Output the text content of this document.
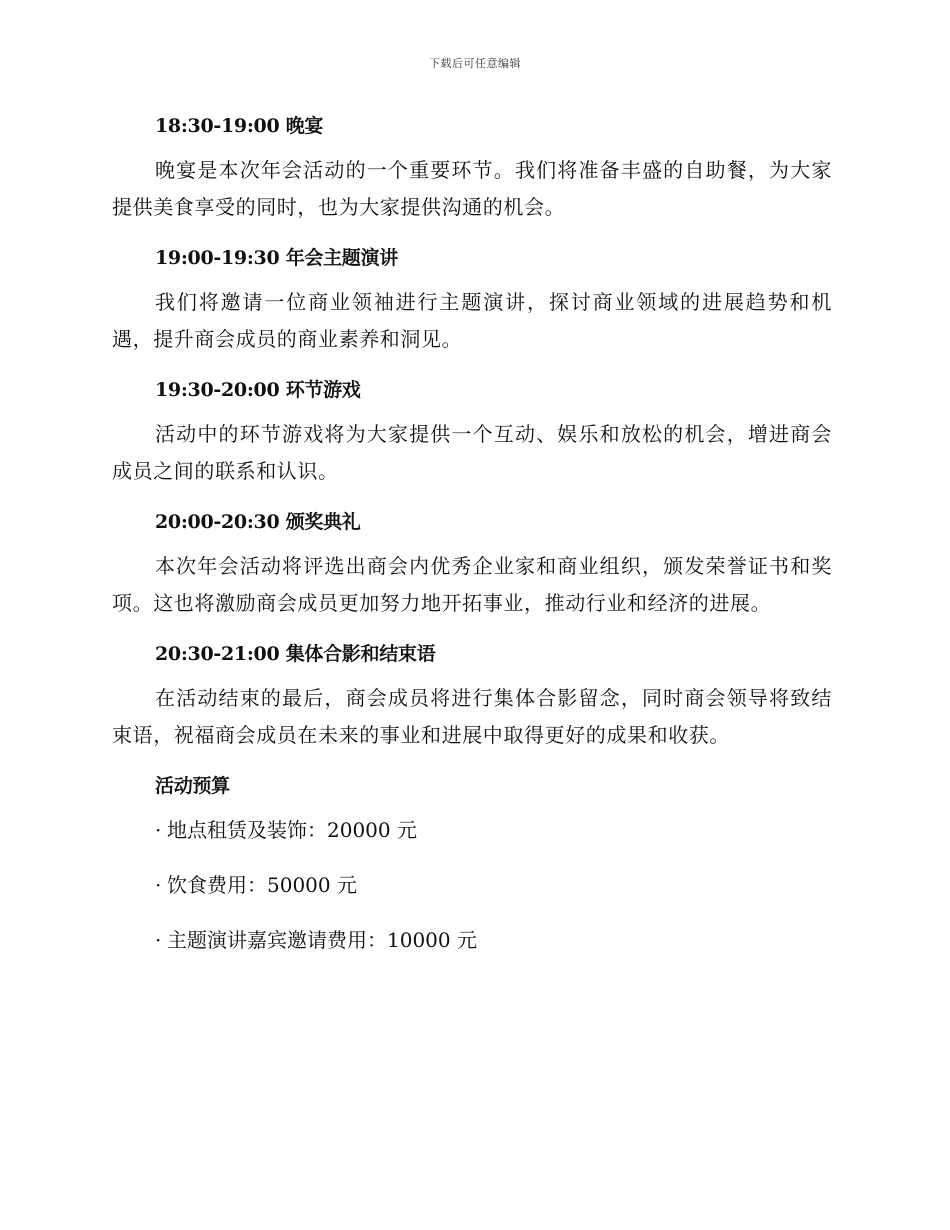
下载后可任意编辑
18:30-19:00 晚宴

晚宴是本次年会活动的一个重要环节。我们将准备丰盛的自助餐，为大家提供美食享受的同时，也为大家提供沟通的机会。

19:00-19:30 年会主题演讲

我们将邀请一位商业领袖进行主题演讲，探讨商业领域的进展趋势和机遇，提升商会成员的商业素养和洞见。

19:30-20:00 环节游戏

活动中的环节游戏将为大家提供一个互动、娱乐和放松的机会，增进商会成员之间的联系和认识。

20:00-20:30 颁奖典礼

本次年会活动将评选出商会内优秀企业家和商业组织，颁发荣誉证书和奖项。这也将激励商会成员更加努力地开拓事业，推动行业和经济的进展。

20:30-21:00 集体合影和结束语

在活动结束的最后，商会成员将进行集体合影留念，同时商会领导将致结束语，祝福商会成员在未来的事业和进展中取得更好的成果和收获。

活动预算
· 地点租赁及装饰：20000 元
· 饮食费用：50000 元
· 主题演讲嘉宾邀请费用：10000 元
